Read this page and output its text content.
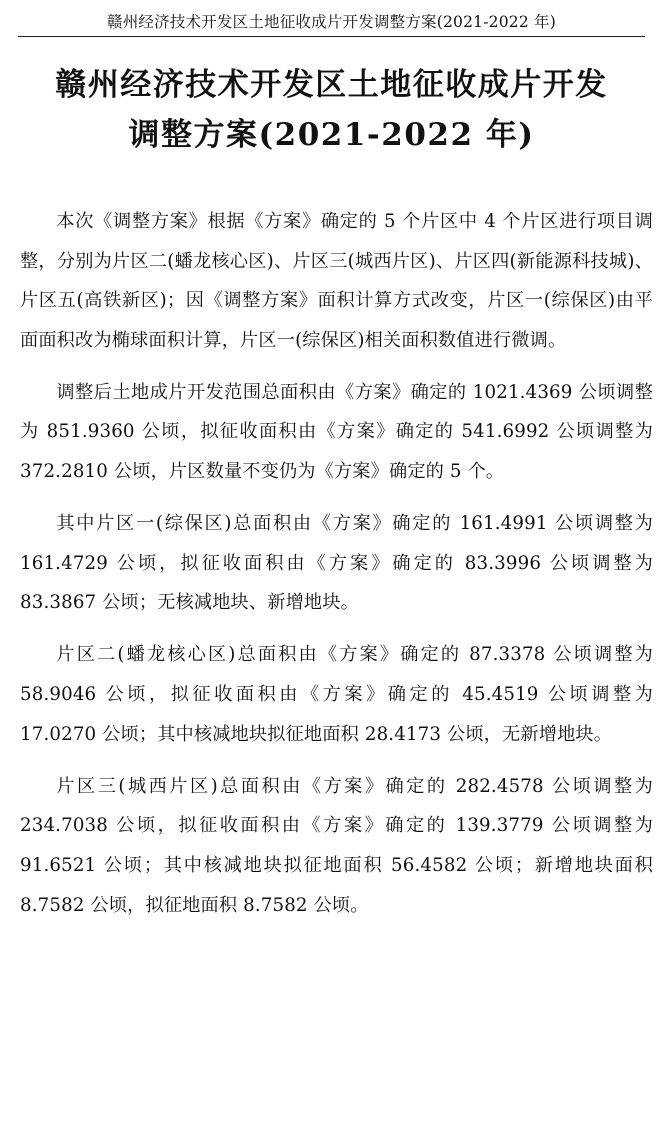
赣州经济技术开发区土地征收成片开发调整方案(2021-2022 年)
赣州经济技术开发区土地征收成片开发
调整方案(2021-2022 年)

本次《调整方案》根据《方案》确定的 5 个片区中 4 个片区进行项目调整，分别为片区二(蟠龙核心区)、片区三(城西片区)、片区四(新能源科技城)、片区五(高铁新区)；因《调整方案》面积计算方式改变，片区一(综保区)由平面面积改为椭球面积计算，片区一(综保区)相关面积数值进行微调。

调整后土地成片开发范围总面积由《方案》确定的 1021.4369 公顷调整为 851.9360 公顷，拟征收面积由《方案》确定的 541.6992 公顷调整为 372.2810 公顷，片区数量不变仍为《方案》确定的 5 个。

其中片区一(综保区)总面积由《方案》确定的 161.4991 公顷调整为 161.4729 公顷，拟征收面积由《方案》确定的 83.3996 公顷调整为 83.3867 公顷；无核减地块、新增地块。

片区二(蟠龙核心区)总面积由《方案》确定的 87.3378 公顷调整为 58.9046 公顷，拟征收面积由《方案》确定的 45.4519 公顷调整为 17.0270 公顷；其中核减地块拟征地面积 28.4173 公顷，无新增地块。

片区三(城西片区)总面积由《方案》确定的 282.4578 公顷调整为 234.7038 公顷，拟征收面积由《方案》确定的 139.3779 公顷调整为 91.6521 公顷；其中核减地块拟征地面积 56.4582 公顷；新增地块面积 8.7582 公顷，拟征地面积 8.7582 公顷。
